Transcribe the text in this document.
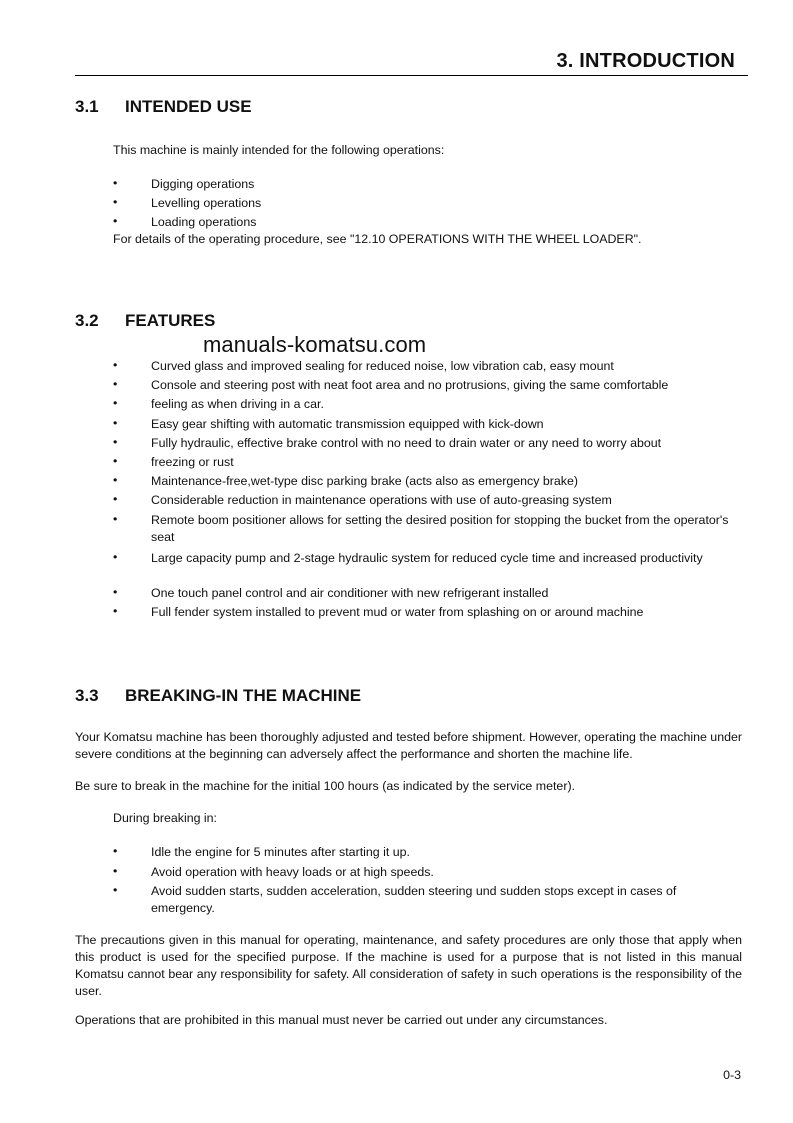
3. INTRODUCTION
3.1 INTENDED USE
This machine is mainly intended for the following operations:
•	Digging operations
•	Levelling operations
•	Loading operations
For details of the operating procedure, see "12.10 OPERATIONS WITH THE WHEEL LOADER".
3.2 FEATURES
manuals-komatsu.com
•	Curved glass and improved sealing for reduced noise, low vibration cab, easy mount
•	Console and steering post with neat foot area and no protrusions, giving the same comfortable
•	feeling as when driving in a car.
•	Easy gear shifting with automatic transmission equipped with kick-down
•	Fully hydraulic, effective brake control with no need to drain water or any need to worry about
•	freezing or rust
•	Maintenance-free,wet-type disc parking brake (acts also as emergency brake)
•	Considerable reduction in maintenance operations with use of auto-greasing system
•	Remote boom positioner allows for setting the desired position for stopping the bucket from the operator's seat
•	Large capacity pump and 2-stage hydraulic system for reduced cycle time and increased productivity
•	One touch panel control and air conditioner with new refrigerant installed
•	Full fender system installed to prevent mud or water from splashing on or around machine
3.3 BREAKING-IN THE MACHINE
Your Komatsu machine has been thoroughly adjusted and tested before shipment. However, operating the machine under severe conditions at the beginning can adversely affect the performance and shorten the machine life.
Be sure to break in the machine for the initial 100 hours (as indicated by the service meter).
During breaking in:
•	Idle the engine for 5 minutes after starting it up.
•	Avoid operation with heavy loads or at high speeds.
•	Avoid sudden starts, sudden acceleration, sudden steering und sudden stops except in cases of emergency.
The precautions given in this manual for operating, maintenance, and safety procedures are only those that apply when this product is used for the specified purpose. If the machine is used for a purpose that is not listed in this manual Komatsu cannot bear any responsibility for safety. All consideration of safety in such operations is the responsibility of the user.
Operations that are prohibited in this manual must never be carried out under any circumstances.
0-3
